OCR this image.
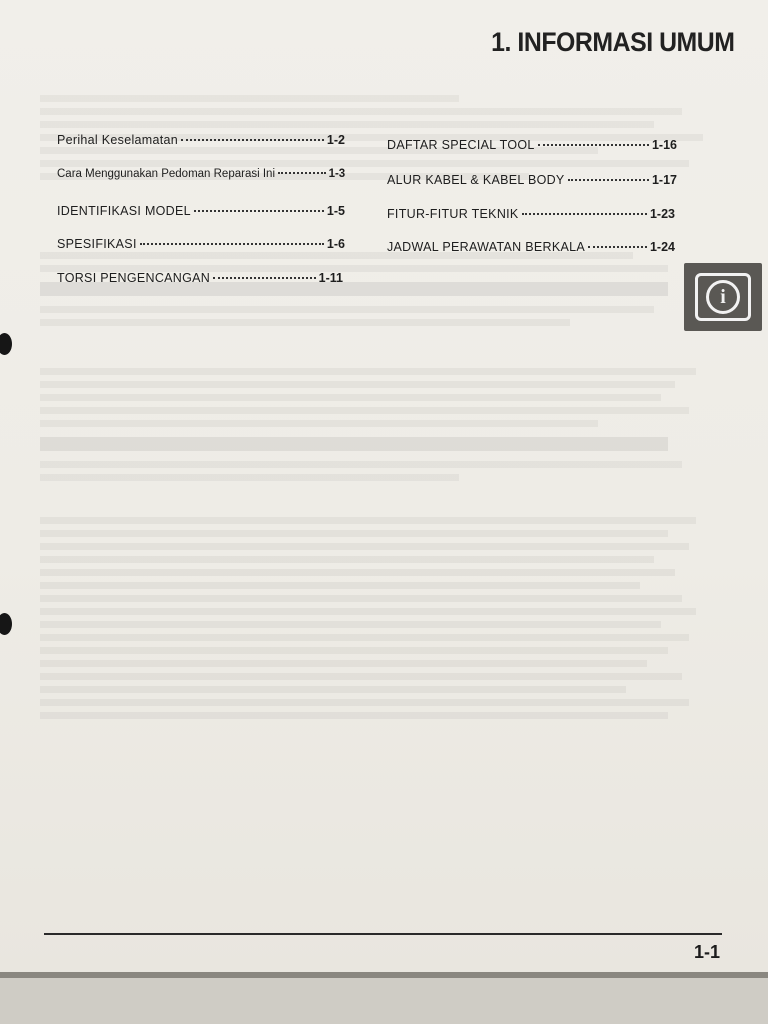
1. INFORMASI UMUM
Perihal Keselamatan	1-2
Cara Menggunakan Pedoman Reparasi Ini	1-3
IDENTIFIKASI MODEL	1-5
SPESIFIKASI	1-6
TORSI PENGENCANGAN	1-11
DAFTAR SPECIAL TOOL	1-16
ALUR KABEL & KABEL BODY	1-17
FITUR-FITUR TEKNIK	1-23
JADWAL PERAWATAN BERKALA	1-24
i
1-1
